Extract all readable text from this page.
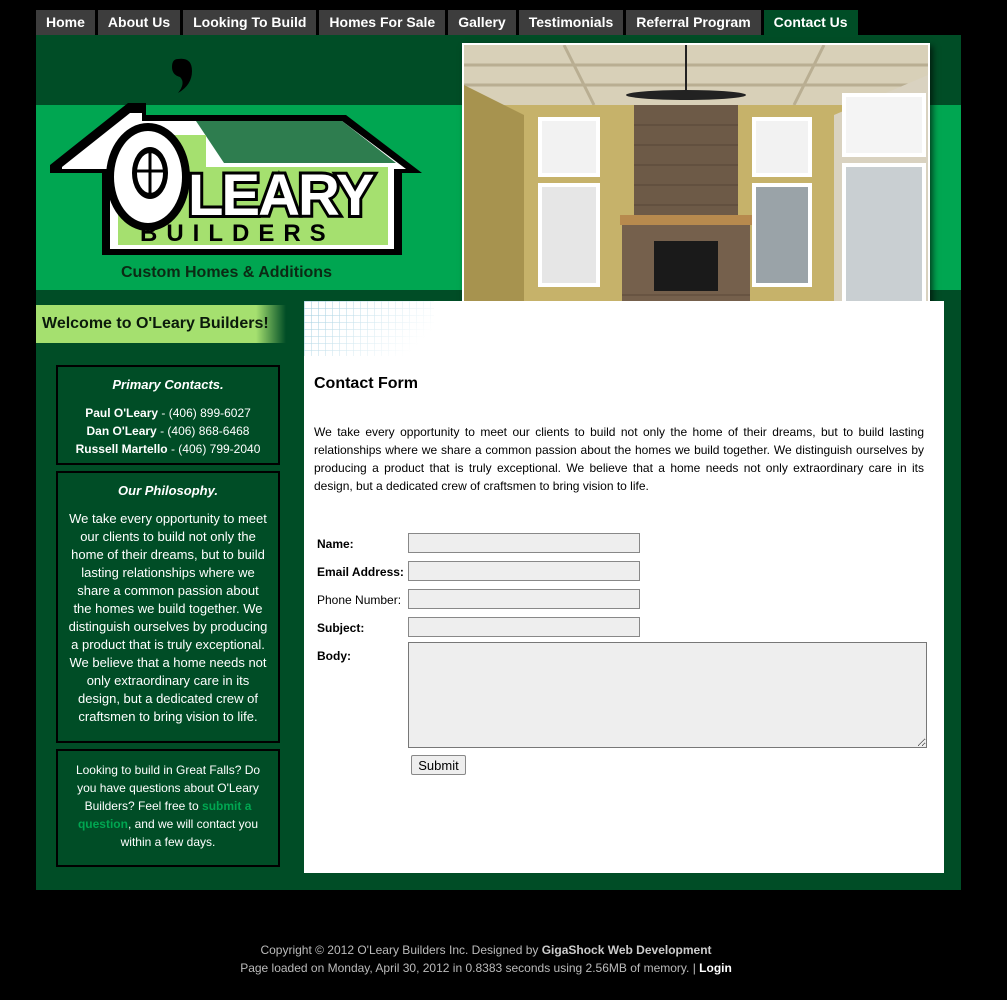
Home	About Us	Looking To Build	Homes For Sale	Gallery	Testimonials	Referral Program	Contact Us
LEARY
BUILDERS
Custom Homes & Additions
Welcome to O'Leary Builders!
Primary Contacts.
Paul O'Leary - (406) 899-6027
Dan O'Leary - (406) 868-6468
Russell Martello - (406) 799-2040
Our Philosophy.

We take every opportunity to meet our clients to build not only the home of their dreams, but to build lasting relationships where we share a common passion about the homes we build together. We distinguish ourselves by producing a product that is truly exceptional. We believe that a home needs not only extraordinary care in its design, but a dedicated crew of craftsmen to bring vision to life.

Looking to build in Great Falls? Do you have questions about O'Leary Builders? Feel free to submit a question, and we will contact you within a few days.

Contact Form

We take every opportunity to meet our clients to build not only the home of their dreams, but to build lasting relationships where we share a common passion about the homes we build together. We distinguish ourselves by producing a product that is truly exceptional. We believe that a home needs not only extraordinary care in its design, but a dedicated crew of craftsmen to bring vision to life.

Name:
Email Address:
Phone Number:
Subject:
Body:
Submit
Copyright © 2012 O'Leary Builders Inc. Designed by GigaShock Web Development
Page loaded on Monday, April 30, 2012 in 0.8383 seconds using 2.56MB of memory. | Login
